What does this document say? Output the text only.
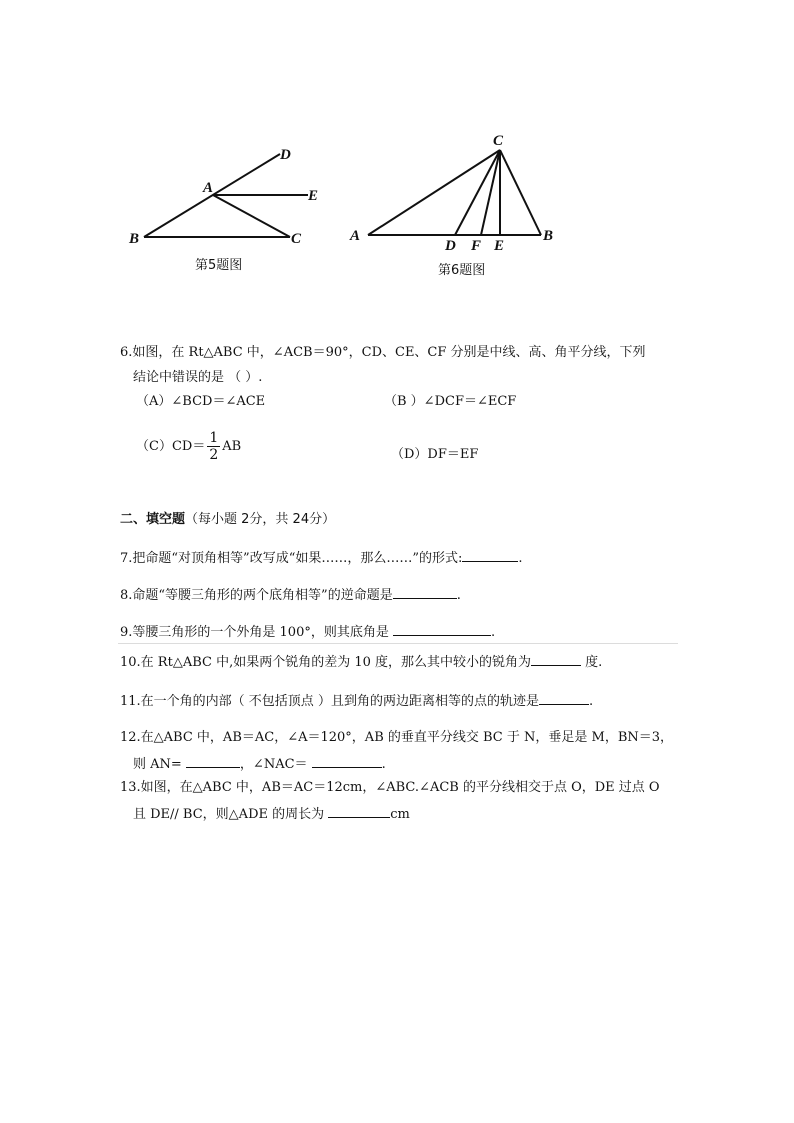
D
A	E
B	C
第5题图
C
A
D F E
B
第6题图
6.如图，在 Rt△ABC 中，∠ACB＝90°，CD、CE、CF 分别是中线、高、角平分线，下列
结论中错误的是 （ ）.
（A）∠BCD＝∠ACE	（B ）∠DCF＝∠ECF
$(C)CD= \frac{1}{2}$ AB
（D）DF＝EF
二、填空题（每小题 2分，共 24分）
7.把命题“对顶角相等”改写成“如果……，那么……”的形式:	.
8.命题“等腰三角形的两个底角相等”的逆命题是	.
9.等腰三角形的一个外角是 100°，则其底角是	.
10.在 Rt△ABC 中,如果两个锐角的差为 10 度，那么其中较小的锐角为	度.
11.在一个角的内部（ 不包括顶点 ）且到角的两边距离相等的点的轨迹是	.
12.在△ABC 中，AB＝AC，∠A＝120°，AB 的垂直平分线交 BC 于 N，垂足是 M，BN＝3，
则 AN=	，∠NAC＝	.
13.如图，在△ABC 中，AB＝AC＝12cm，∠ABC.∠ACB 的平分线相交于点 O，DE 过点 O
且 DE// BC，则△ADE 的周长为	cm
